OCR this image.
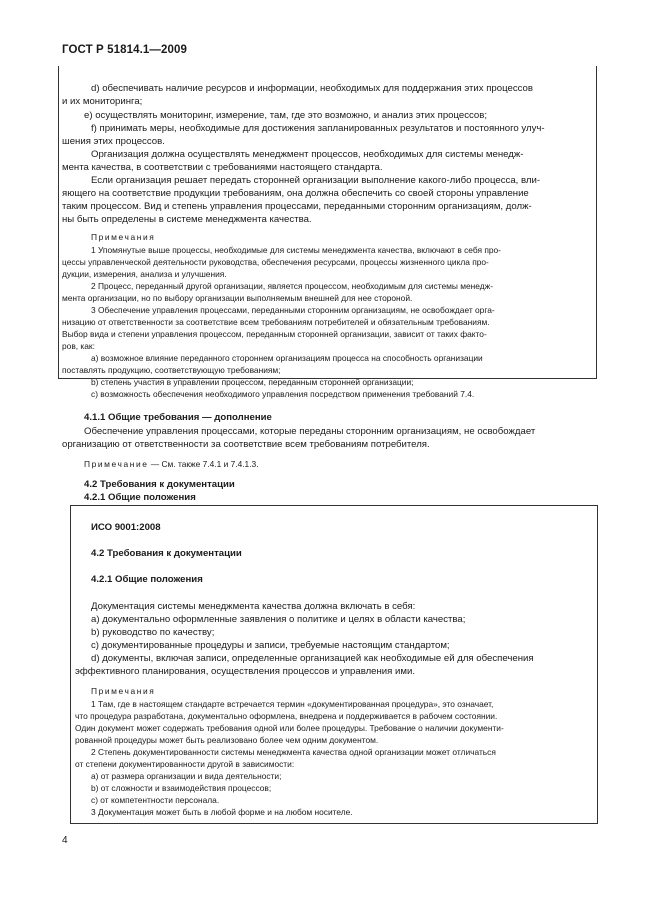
ГОСТ Р 51814.1—2009

d) обеспечивать наличие ресурсов и информации, необходимых для поддержания этих процессов

и их мониторинга;

е) осуществлять мониторинг, измерение, там, где это возможно, и анализ этих процессов;

f) принимать меры, необходимые для достижения запланированных результатов и постоянного улуч-

шения этих процессов.

Организация должна осуществлять менеджмент процессов, необходимых для системы менедж-

мента качества, в соответствии с требованиями настоящего стандарта.

Если организация решает передать сторонней организации выполнение какого-либо процесса, вли-

яющего на соответствие продукции требованиям, она должна обеспечить со своей стороны управление

таким процессом. Вид и степень управления процессами, переданными сторонним организациям, долж-

ны быть определены в системе менеджмента качества.

Примечания

1 Упомянутые выше процессы, необходимые для системы менеджмента качества, включают в себя про-

цессы управленческой деятельности руководства, обеспечения ресурсами, процессы жизненного цикла про-

дукции, измерения, анализа и улучшения.

2 Процесс, переданный другой организации, является процессом, необходимым для системы менедж-

мента организации, но по выбору организации выполняемым внешней для нее стороной.

3 Обеспечение управления процессами, переданными сторонним организациям, не освобождает орга-

низацию от ответственности за соответствие всем требованиям потребителей и обязательным требованиям.

Выбор вида и степени управления процессом, переданным сторонней организации, зависит от таких факто-

ров, как:

а) возможное влияние переданного стороннем организациям процесса на способность организации

поставлять продукцию, соответствующую требованиям;

b) степень участия в управлении процессом, переданным сторонней организации;

c) возможность обеспечения необходимого управления посредством применения требований 7.4.

4.1.1 Общие требования — дополнение

Обеспечение управления процессами, которые переданы сторонним организациям, не освобождает

организацию от ответственности за соответствие всем требованиям потребителя.

Примечание — См. также 7.4.1 и 7.4.1.3.

4.2 Требования к документации

4.2.1 Общие положения

ИСО 9001:2008

4.2 Требования к документации

4.2.1 Общие положения

Документация системы менеджмента качества должна включать в себя:

а) документально оформленные заявления о политике и целях в области качества;

b) руководство по качеству;

c) документированные процедуры и записи, требуемые настоящим стандартом;

d) документы, включая записи, определенные организацией как необходимые ей для обеспечения

эффективного планирования, осуществления процессов и управления ими.

Примечания

1 Там, где в настоящем стандарте встречается термин «документированная процедура», это означает,

что процедура разработана, документально оформлена, внедрена и поддерживается в рабочем состоянии.

Один документ может содержать требования одной или более процедуры. Требование о наличии документи-

рованной процедуры может быть реализовано более чем одним документом.

2 Степень документированности системы менеджмента качества одной организации может отличаться

от степени документированности другой в зависимости:

а) от размера организации и вида деятельности;

b) от сложности и взаимодействия процессов;

c) от компетентности персонала.

3 Документация может быть в любой форме и на любом носителе.

4
